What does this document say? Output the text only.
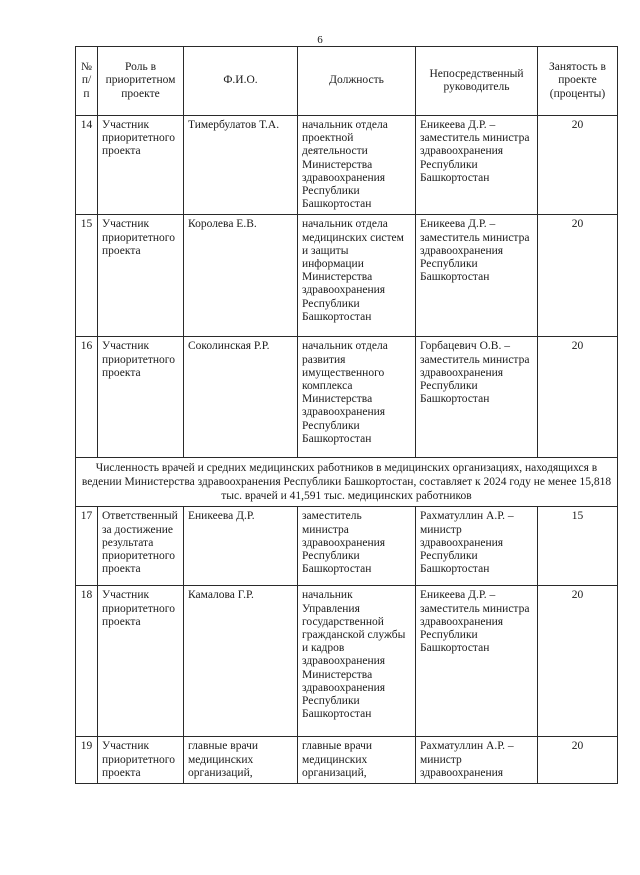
6
№ п/п	Роль в приоритетном проекте	Ф.И.О.	Должность	Непосредственный руководитель	Занятость в проекте (проценты)
14	Участник приоритетного проекта	Тимербулатов Т.А.	начальник отдела проектной деятельности Министерства здравоохранения Республики Башкортостан	Еникеева Д.Р. – заместитель министра здравоохранения Республики Башкортостан	20
15	Участник приоритетного проекта	Королева Е.В.	начальник отдела медицинских систем и защиты информации Министерства здравоохранения Республики Башкортостан	Еникеева Д.Р. – заместитель министра здравоохранения Республики Башкортостан	20
16	Участник приоритетного проекта	Соколинская Р.Р.	начальник отдела развития имущественного комплекса Министерства здравоохранения Республики Башкортостан	Горбацевич О.В. – заместитель министра здравоохранения Республики Башкортостан	20
Численность врачей и средних медицинских работников в медицинских организациях, находящихся в ведении Министерства здравоохранения Республики Башкортостан, составляет к 2024 году не менее 15,818 тыс. врачей и 41,591 тыс. медицинских работников					
17	Ответственный за достижение результата приоритетного проекта	Еникеева Д.Р.	заместитель министра здравоохранения Республики Башкортостан	Рахматуллин А.Р. – министр здравоохранения Республики Башкортостан	15
18	Участник приоритетного проекта	Камалова Г.Р.	начальник Управления государственной гражданской службы и кадров здравоохранения Министерства здравоохранения Республики Башкортостан	Еникеева Д.Р. – заместитель министра здравоохранения Республики Башкортостан	20
19	Участник приоритетного проекта	главные врачи медицинских организаций,	главные врачи медицинских организаций,	Рахматуллин А.Р. – министр здравоохранения	20
